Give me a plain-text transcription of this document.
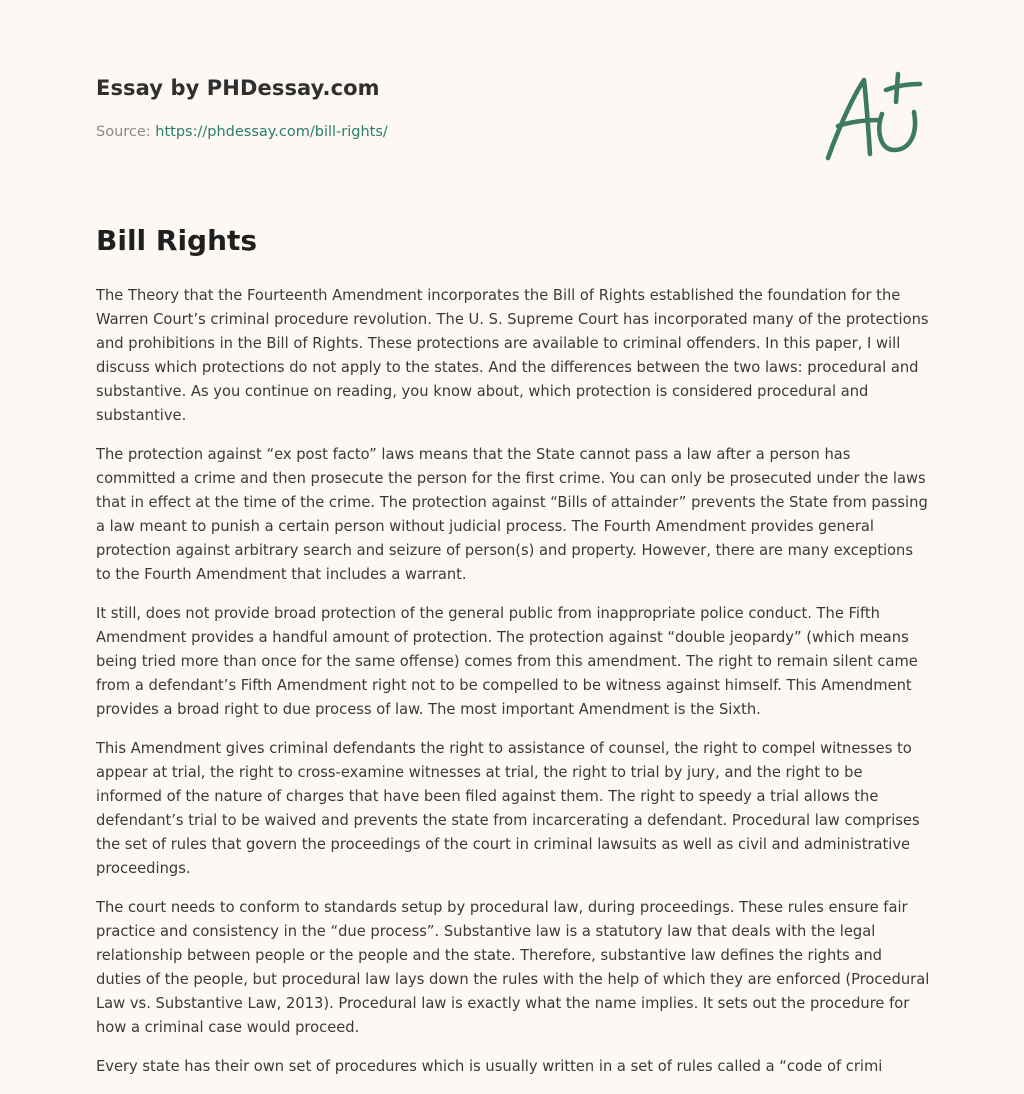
Essay by PHDessay.com
Source: https://phdessay.com/bill-rights/
Bill Rights

The Theory that the Fourteenth Amendment incorporates the Bill of Rights established the foundation for the Warren Court’s criminal procedure revolution. The U. S. Supreme Court has incorporated many of the protections and prohibitions in the Bill of Rights. These protections are available to criminal offenders. In this paper, I will discuss which protections do not apply to the states. And the differences between the two laws: procedural and substantive. As you continue on reading, you know about, which protection is considered procedural and substantive.

The protection against “ex post facto” laws means that the State cannot pass a law after a person has committed a crime and then prosecute the person for the first crime. You can only be prosecuted under the laws that in effect at the time of the crime. The protection against “Bills of attainder” prevents the State from passing a law meant to punish a certain person without judicial process. The Fourth Amendment provides general protection against arbitrary search and seizure of person(s) and property. However, there are many exceptions to the Fourth Amendment that includes a warrant.

It still, does not provide broad protection of the general public from inappropriate police conduct. The Fifth Amendment provides a handful amount of protection. The protection against “double jeopardy” (which means being tried more than once for the same offense) comes from this amendment. The right to remain silent came from a defendant’s Fifth Amendment right not to be compelled to be witness against himself. This Amendment provides a broad right to due process of law. The most important Amendment is the Sixth.

This Amendment gives criminal defendants the right to assistance of counsel, the right to compel witnesses to appear at trial, the right to cross-examine witnesses at trial, the right to trial by jury, and the right to be informed of the nature of charges that have been filed against them. The right to speedy a trial allows the defendant’s trial to be waived and prevents the state from incarcerating a defendant. Procedural law comprises the set of rules that govern the proceedings of the court in criminal lawsuits as well as civil and administrative proceedings.

The court needs to conform to standards setup by procedural law, during proceedings. These rules ensure fair practice and consistency in the “due process”. Substantive law is a statutory law that deals with the legal relationship between people or the people and the state. Therefore, substantive law defines the rights and duties of the people, but procedural law lays down the rules with the help of which they are enforced (Procedural Law vs. Substantive Law, 2013). Procedural law is exactly what the name implies. It sets out the procedure for how a criminal case would proceed.

Every state has their own set of procedures which is usually written in a set of rules called a “code of crimi
